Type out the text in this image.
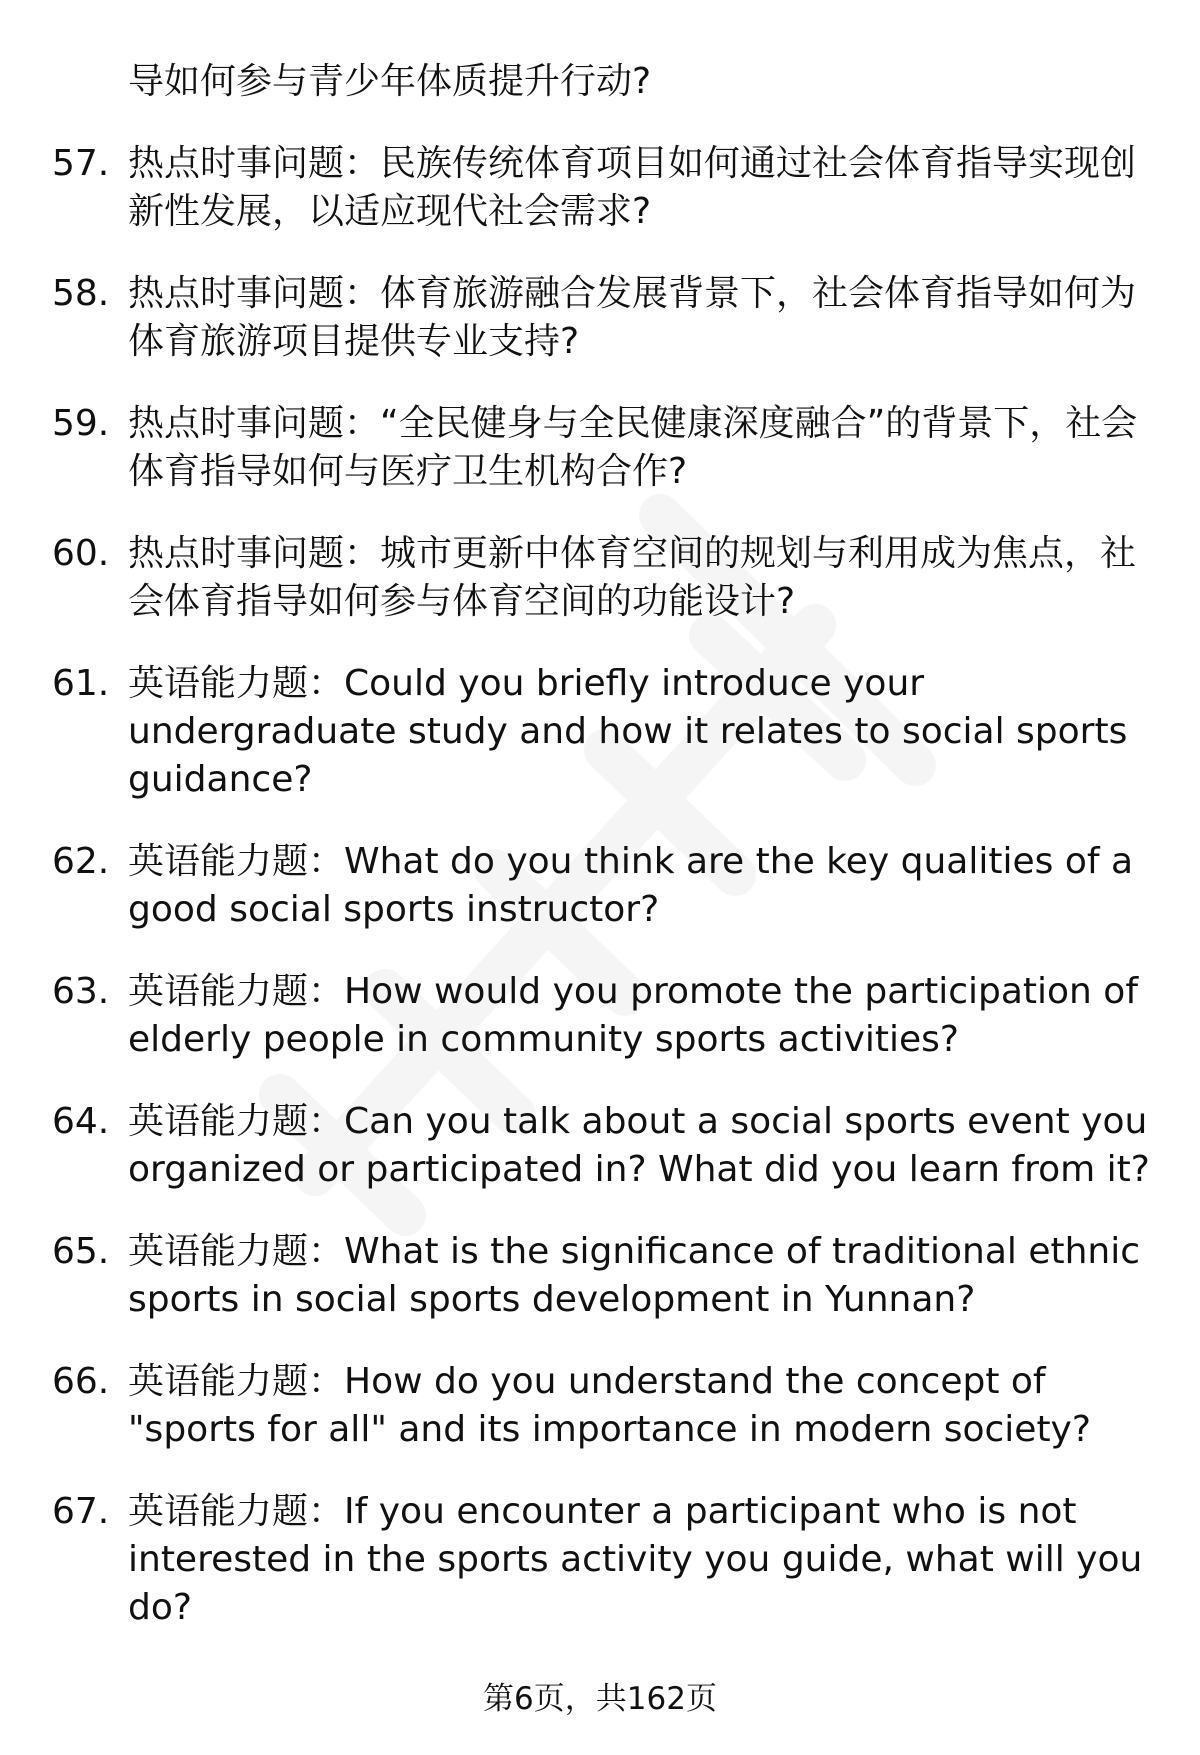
导如何参与青少年体质提升行动?
57. 热点时事问题：民族传统体育项目如何通过社会体育指导实现创新性发展，以适应现代社会需求?
58. 热点时事问题：体育旅游融合发展背景下，社会体育指导如何为体育旅游项目提供专业支持?
59. 热点时事问题：“全民健身与全民健康深度融合”的背景下，社会体育指导如何与医疗卫生机构合作?
60. 热点时事问题：城市更新中体育空间的规划与利用成为焦点，社会体育指导如何参与体育空间的功能设计?
61. 英语能力题：Could you briefly introduce your undergraduate study and how it relates to social sports guidance?
62. 英语能力题：What do you think are the key qualities of a good social sports instructor?
63. 英语能力题：How would you promote the participation of elderly people in community sports activities?
64. 英语能力题：Can you talk about a social sports event you organized or participated in? What did you learn from it?
65. 英语能力题：What is the significance of traditional ethnic sports in social sports development in Yunnan?
66. 英语能力题：How do you understand the concept of "sports for all" and its importance in modern society?
67. 英语能力题：If you encounter a participant who is not interested in the sports activity you guide, what will you do?
第6页，共162页
